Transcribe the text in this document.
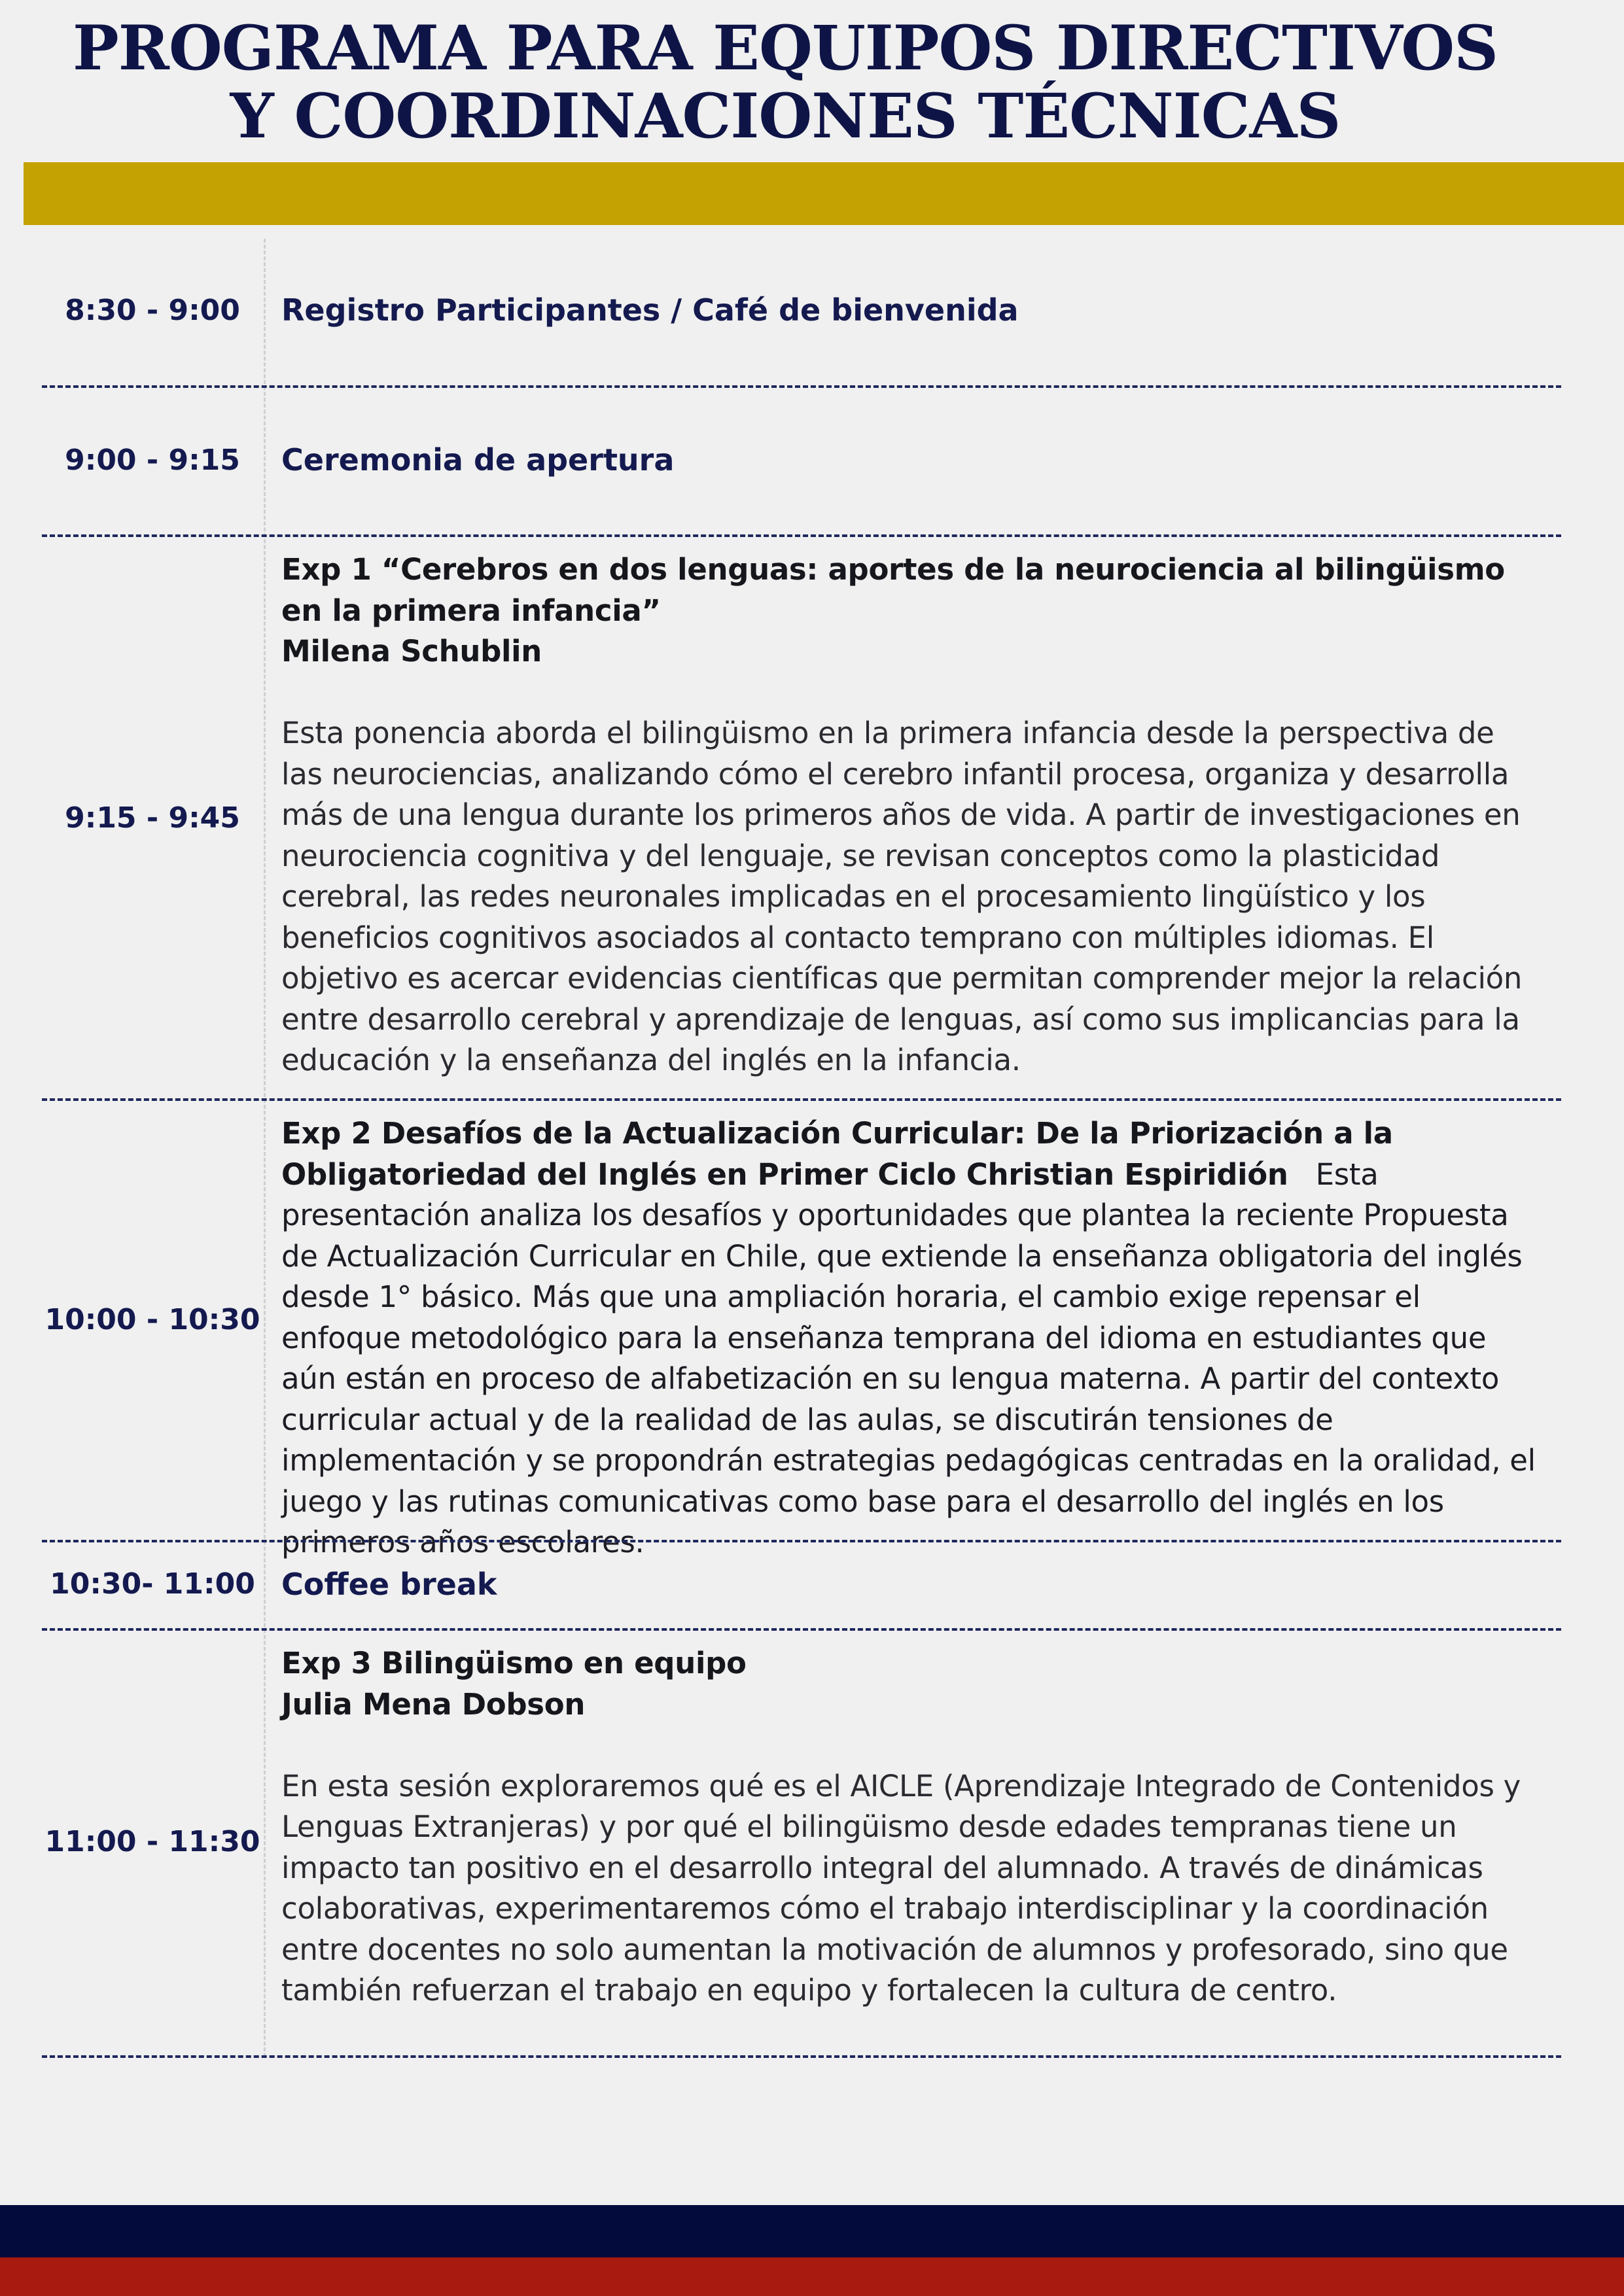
PROGRAMA PARA EQUIPOS DIRECTIVOS
Y COORDINACIONES TÉCNICAS
8:30 - 9:00	Registro Participantes / Café de bienvenida
9:00 - 9:15	Ceremonia de apertura
9:15 - 9:45
Exp 1 “Cerebros en dos lenguas: aportes de la neurociencia al bilingüismo en la primera infancia”
Milena Schublin
Esta ponencia aborda el bilingüismo en la primera infancia desde la perspectiva de las neurociencias, analizando cómo el cerebro infantil procesa, organiza y desarrolla más de una lengua durante los primeros años de vida. A partir de investigaciones en neurociencia cognitiva y del lenguaje, se revisan conceptos como la plasticidad cerebral, las redes neuronales implicadas en el procesamiento lingüístico y los beneficios cognitivos asociados al contacto temprano con múltiples idiomas. El objetivo es acercar evidencias científicas que permitan comprender mejor la relación entre desarrollo cerebral y aprendizaje de lenguas, así como sus implicancias para la educación y la enseñanza del inglés en la infancia.
10:00 - 10:30
Exp 2 Desafíos de la Actualización Curricular: De la Priorización a la Obligatoriedad del Inglés en Primer Ciclo Christian Espiridión Esta presentación analiza los desafíos y oportunidades que plantea la reciente Propuesta de Actualización Curricular en Chile, que extiende la enseñanza obligatoria del inglés desde 1° básico. Más que una ampliación horaria, el cambio exige repensar el enfoque metodológico para la enseñanza temprana del idioma en estudiantes que aún están en proceso de alfabetización en su lengua materna. A partir del contexto curricular actual y de la realidad de las aulas, se discutirán tensiones de implementación y se propondrán estrategias pedagógicas centradas en la oralidad, el juego y las rutinas comunicativas como base para el desarrollo del inglés en los primeros años escolares.
10:30- 11:00 Coffee break
11:00 - 11:30
Exp 3 Bilingüismo en equipo
Julia Mena Dobson
En esta sesión exploraremos qué es el AICLE (Aprendizaje Integrado de Contenidos y Lenguas Extranjeras) y por qué el bilingüismo desde edades tempranas tiene un impacto tan positivo en el desarrollo integral del alumnado. A través de dinámicas colaborativas, experimentaremos cómo el trabajo interdisciplinar y la coordinación entre docentes no solo aumentan la motivación de alumnos y profesorado, sino que también refuerzan el trabajo en equipo y fortalecen la cultura de centro.
